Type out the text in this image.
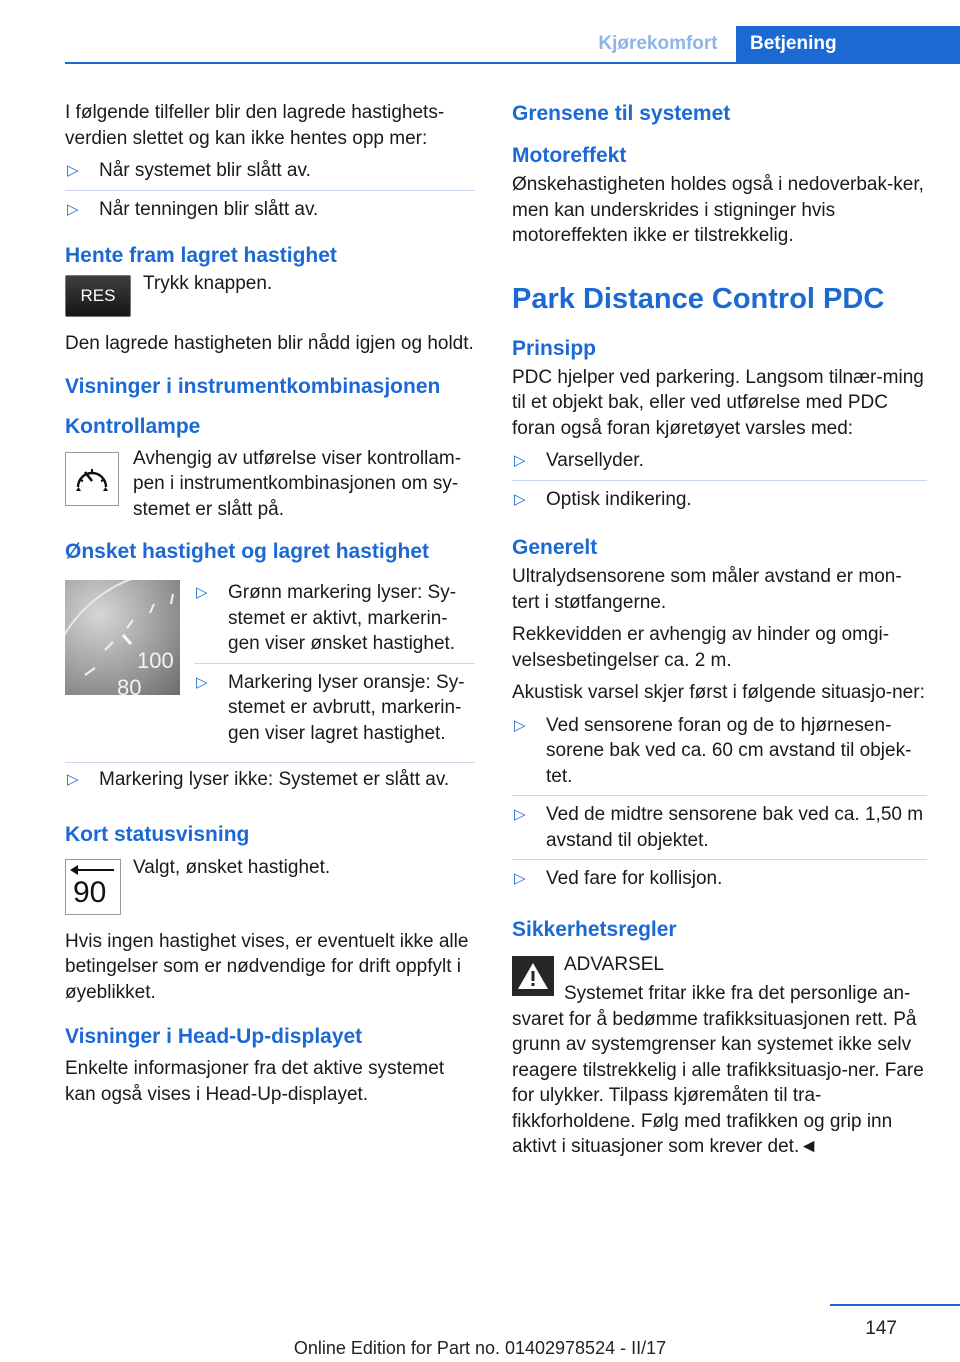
Kjørekomfort	Betjening

I følgende tilfeller blir den lagrede hastighets-verdien slettet og kan ikke hentes opp mer:

▷ Når systemet blir slått av.
▷ Når tenningen blir slått av.
Hente fram lagret hastighet
RES

Trykk knappen.

Den lagrede hastigheten blir nådd igjen og holdt.

Visninger i instrumentkombinasjonen
Kontrollampe

Avhengig av utførelse viser kontrollam-pen i instrumentkombinasjonen om sy-stemet er slått på.

Ønsket hastighet og lagret hastighet
100
80
▷ Grønn markering lyser: Sy-stemet er aktivt, markerin-gen viser ønsket hastighet.
▷ Markering lyser oransje: Sy-stemet er avbrutt, markerin-gen viser lagret hastighet.
▷ Markering lyser ikke: Systemet er slått av.
Kort statusvisning
90

Valgt, ønsket hastighet.

Hvis ingen hastighet vises, er eventuelt ikke alle betingelser som er nødvendige for drift oppfylt i øyeblikket.

Visninger i Head-Up-displayet

Enkelte informasjoner fra det aktive systemet kan også vises i Head-Up-displayet.

Grensene til systemet
Motoreffekt

Ønskehastigheten holdes også i nedoverbak-ker, men kan underskrides i stigninger hvis motoreffekten ikke er tilstrekkelig.

Park Distance Control PDC
Prinsipp

PDC hjelper ved parkering. Langsom tilnær-ming til et objekt bak, eller ved utførelse med PDC foran også foran kjøretøyet varsles med:

▷ Varsellyder.
▷ Optisk indikering.
Generelt

Ultralydsensorene som måler avstand er mon-tert i støtfangerne.

Rekkevidden er avhengig av hinder og omgi-velsesbetingelser ca. 2 m.

Akustisk varsel skjer først i følgende situasjo-ner:

▷ Ved sensorene foran og de to hjørnesen-sorene bak ved ca. 60 cm avstand til objek-tet.
▷ Ved de midtre sensorene bak ved ca. 1,50 m avstand til objektet.
▷ Ved fare for kollisjon.
Sikkerhetsregler

ADVARSEL

Systemet fritar ikke fra det personlige an-

svaret for å bedømme trafikksituasjonen rett. På grunn av systemgrenser kan systemet ikke selv reagere tilstrekkelig i alle trafikksituasjo-ner. Fare for ulykker. Tilpass kjøremåten til tra-fikkforholdene. Følg med trafikken og grip inn aktivt i situasjoner som krever det.◄

147
Online Edition for Part no. 01402978524 - II/17
